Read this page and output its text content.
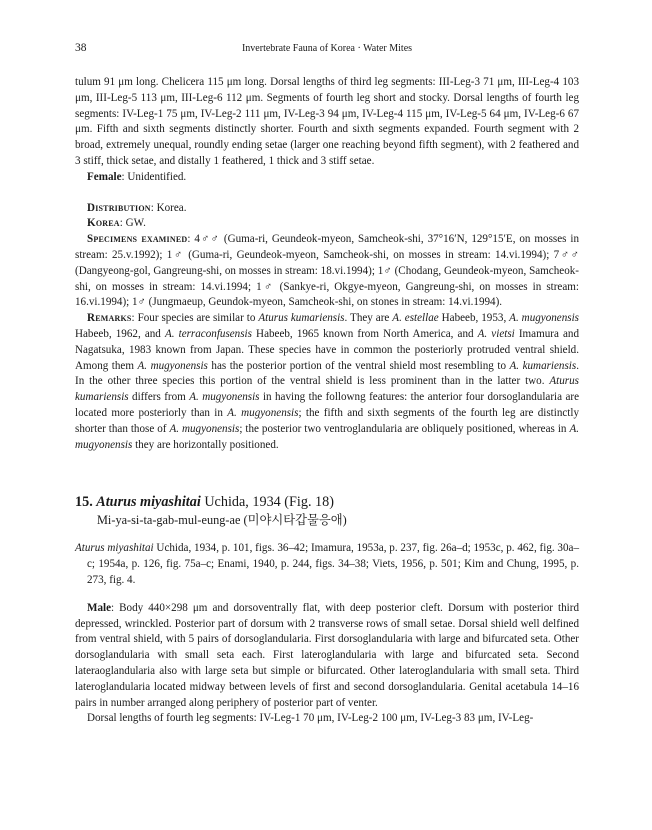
38	Invertebrate Fauna of Korea · Water Mites

tulum 91 μm long. Chelicera 115 μm long. Dorsal lengths of third leg segments: III-Leg-3 71 μm, III-Leg-4 103 μm, III-Leg-5 113 μm, III-Leg-6 112 μm. Segments of fourth leg short and stocky. Dorsal lengths of fourth leg segments: IV-Leg-1 75 μm, IV-Leg-2 111 μm, IV-Leg-3 94 μm, IV-Leg-4 115 μm, IV-Leg-5 64 μm, IV-Leg-6 67 μm. Fifth and sixth segments distinctly shorter. Fourth and sixth segments expanded. Fourth segment with 2 broad, extremely unequal, roundly ending setae (larger one reaching beyond fifth segment), with 2 feathered and 3 stiff, thick setae, and distally 1 feathered, 1 thick and 3 stiff setae.

Female: Unidentified.

Distribution: Korea.

Korea: GW.

Specimens examined: 4♂♂ (Guma-ri, Geundeok-myeon, Samcheok-shi, 37°16′N, 129°15′E, on mosses in stream: 25.v.1992); 1♂ (Guma-ri, Geundeok-myeon, Samcheok-shi, on mosses in stream: 14.vi.1994); 7♂♂ (Dangyeong-gol, Gangreung-shi, on mosses in stream: 18.vi.1994); 1♂ (Chodang, Geundeok-myeon, Samcheok-shi, on mosses in stream: 14.vi.1994; 1♂ (Sankye-ri, Okgye-myeon, Gangreung-shi, on mosses in stream: 16.vi.1994); 1♂ (Jungmaeup, Geundok-myeon, Samcheok-shi, on stones in stream: 14.vi.1994).

Remarks: Four species are similar to Aturus kumariensis. They are A. estellae Habeeb, 1953, A. mugyonensis Habeeb, 1962, and A. terraconfusensis Habeeb, 1965 known from North America, and A. vietsi Imamura and Nagatsuka, 1983 known from Japan. These species have in common the posteriorly protruded ventral shield. Among them A. mugyonensis has the posterior portion of the ventral shield most resembling to A. kumariensis. In the other three species this portion of the ventral shield is less prominent than in the latter two. Aturus kumariensis differs from A. mugyonensis in having the followng features: the anterior four dorsoglandularia are located more posteriorly than in A. mugyonensis; the fifth and sixth segments of the fourth leg are distinctly shorter than those of A. mugyonensis; the posterior two ventroglandularia are obliquely positioned, whereas in A. mugyonensis they are horizontally positioned.

15. Aturus miyashitai Uchida, 1934 (Fig. 18)

Mi-ya-si-ta-gab-mul-eung-ae (미야시타갑물응애)

Aturus miyashitai Uchida, 1934, p. 101, figs. 36–42; Imamura, 1953a, p. 237, fig. 26a–d; 1953c, p. 462, fig. 30a–c; 1954a, p. 126, fig. 75a–c; Enami, 1940, p. 244, figs. 34–38; Viets, 1956, p. 501; Kim and Chung, 1995, p. 273, fig. 4.

Male: Body 440×298 μm and dorsoventrally flat, with deep posterior cleft. Dorsum with posterior third depressed, wrinckled. Posterior part of dorsum with 2 transverse rows of small setae. Dorsal shield well delfined from ventral shield, with 5 pairs of dorsoglandularia. First dorsoglandularia with large and bifurcated seta. Other dorsoglandularia with small seta each. First lateroglandularia with large and bifurcated seta. Second lateraoglandularia also with large seta but simple or bifurcated. Other lateroglandularia with small seta. Third lateroglandularia located midway between levels of first and second dorsoglandularia. Genital acetabula 14–16 pairs in number arranged along periphery of posterior part of venter.

Dorsal lengths of fourth leg segments: IV-Leg-1 70 μm, IV-Leg-2 100 μm, IV-Leg-3 83 μm, IV-Leg-
